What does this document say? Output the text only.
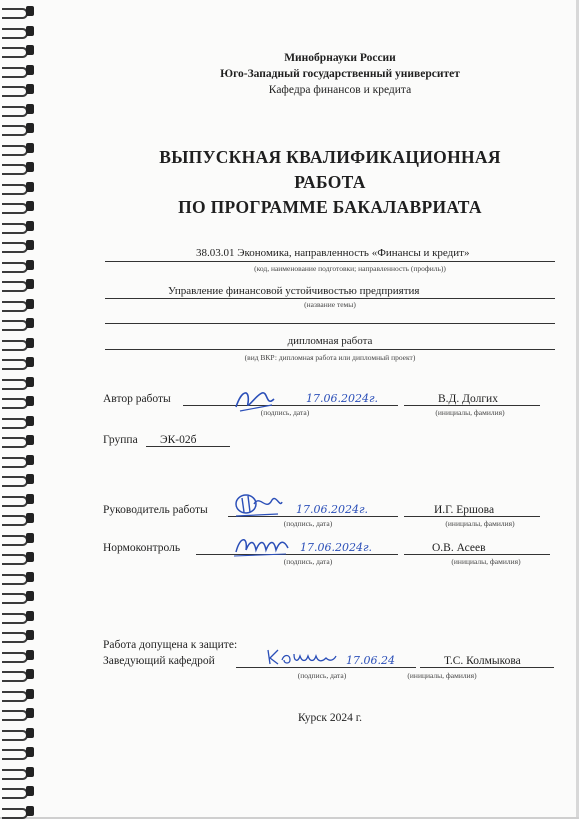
Минобрнауки России
Юго-Западный государственный университет
Кафедра финансов и кредита
ВЫПУСКНАЯ КВАЛИФИКАЦИОННАЯ
РАБОТА
ПО ПРОГРАММЕ БАКАЛАВРИАТА
38.03.01 Экономика, направленность «Финансы и кредит»
(код, наименование подготовки; направленность (профиль))
Управление финансовой устойчивостью предприятия
(название темы)
дипломная работа
(вид ВКР: дипломная работа или дипломный проект)
Автор работы	17.06.2024г.
(подпись, дата)
В.Д. Долгих
(инициалы, фамилия)
Группа ЭК-02б
Руководитель работы	17.06.2024г.
(подпись, дата)
И.Г. Ершова
(инициалы, фамилия)
Нормоконтроль	17.06.2024г.
(подпись, дата)
О.В. Асеев
(инициалы, фамилия)
Работа допущена к защите:
Заведующий кафедрой	17.06.24
(подпись, дата)
Т.С. Колмыкова
(инициалы, фамилия)
Курск 2024 г.
